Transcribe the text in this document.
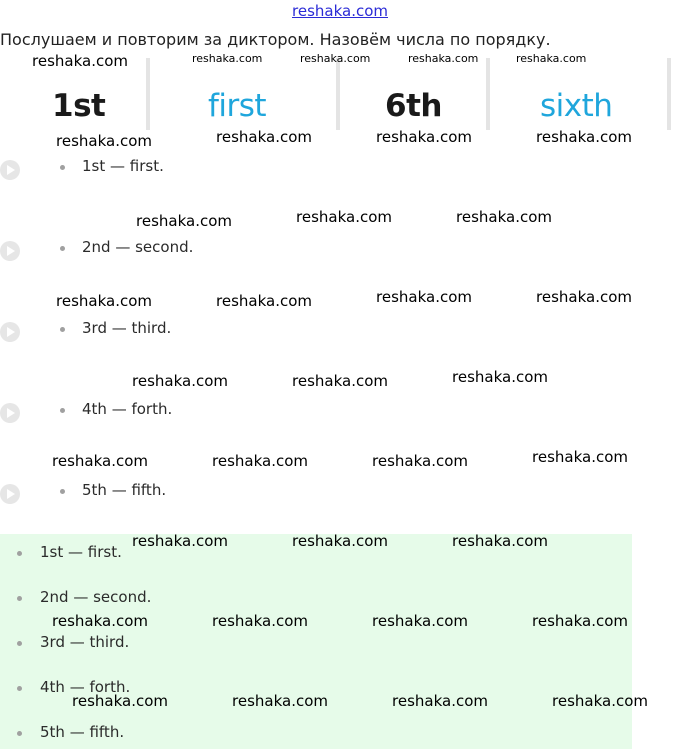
reshaka.com
Послушаем и повторим за диктором. Назовём числа по порядку.
1st	first	6th	sixth
1st — first.
2nd — second.
3rd — third.
4th — forth.
5th — fifth.
1st — first.
2nd — second.
3rd — third.
4th — forth.
5th — fifth.
reshaka.com	reshaka.com	reshaka.com	reshaka.com	reshaka.com
reshaka.com	reshaka.com	reshaka.com	reshaka.com
reshaka.com	reshaka.com	reshaka.com
reshaka.com	reshaka.com	reshaka.com	reshaka.com
reshaka.com	reshaka.com	reshaka.com
reshaka.com	reshaka.com	reshaka.com	reshaka.com
reshaka.com	reshaka.com	reshaka.com
reshaka.com	reshaka.com	reshaka.com	reshaka.com
reshaka.com	reshaka.com	reshaka.com	reshaka.com
